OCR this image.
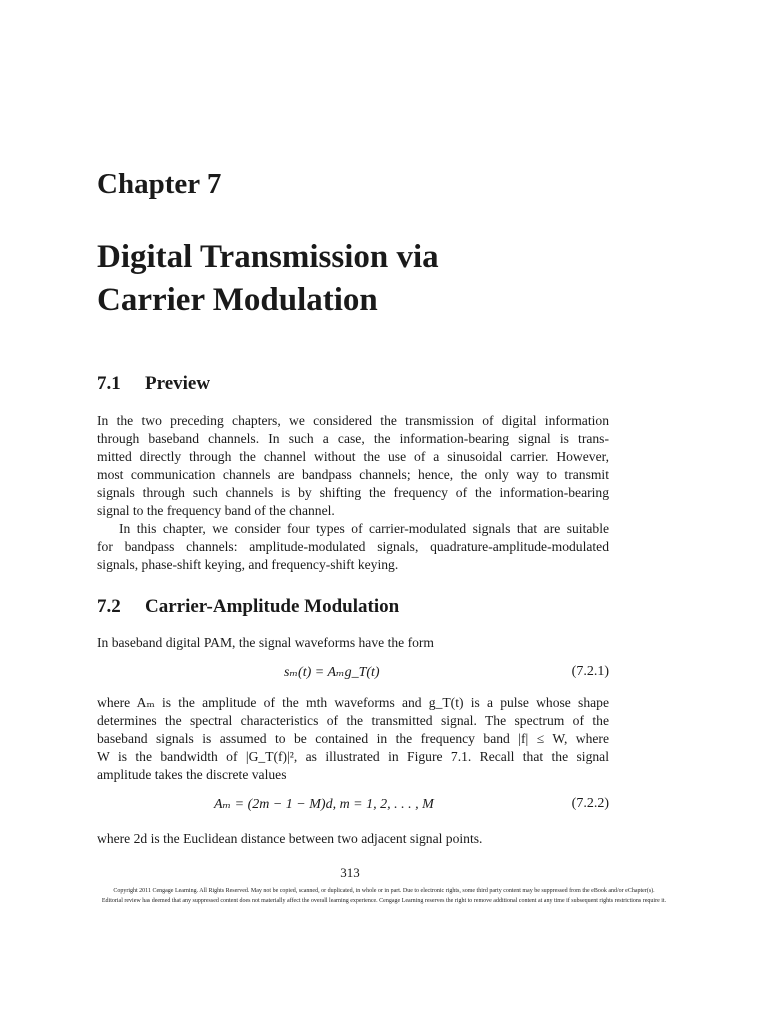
Chapter 7
Digital Transmission via
Carrier Modulation
7.1 Preview

In the two preceding chapters, we considered the transmission of digital information
through baseband channels. In such a case, the information-bearing signal is trans-
mitted directly through the channel without the use of a sinusoidal carrier. However,
most communication channels are bandpass channels; hence, the only way to transmit
signals through such channels is by shifting the frequency of the information-bearing
signal to the frequency band of the channel.
In this chapter, we consider four types of carrier-modulated signals that are suitable
for bandpass channels: amplitude-modulated signals, quadrature-amplitude-modulated
signals, phase-shift keying, and frequency-shift keying.

7.2 Carrier-Amplitude Modulation

In baseband digital PAM, the signal waveforms have the form

sₘ(t) = Aₘg_T(t)	(7.2.1)

where Aₘ is the amplitude of the mth waveforms and g_T(t) is a pulse whose shape
determines the spectral characteristics of the transmitted signal. The spectrum of the
baseband signals is assumed to be contained in the frequency band |f| ≤ W, where
W is the bandwidth of |G_T(f)|², as illustrated in Figure 7.1. Recall that the signal
amplitude takes the discrete values

Aₘ = (2m − 1 − M)d, m = 1, 2, . . . , M	(7.2.2)

where 2d is the Euclidean distance between two adjacent signal points.

313

Copyright 2011 Cengage Learning. All Rights Reserved. May not be copied, scanned, or duplicated, in whole or in part. Due to electronic rights, some third party content may be suppressed from the eBook and/or eChapter(s).
Editorial review has deemed that any suppressed content does not materially affect the overall learning experience. Cengage Learning reserves the right to remove additional content at any time if subsequent rights restrictions require it.
